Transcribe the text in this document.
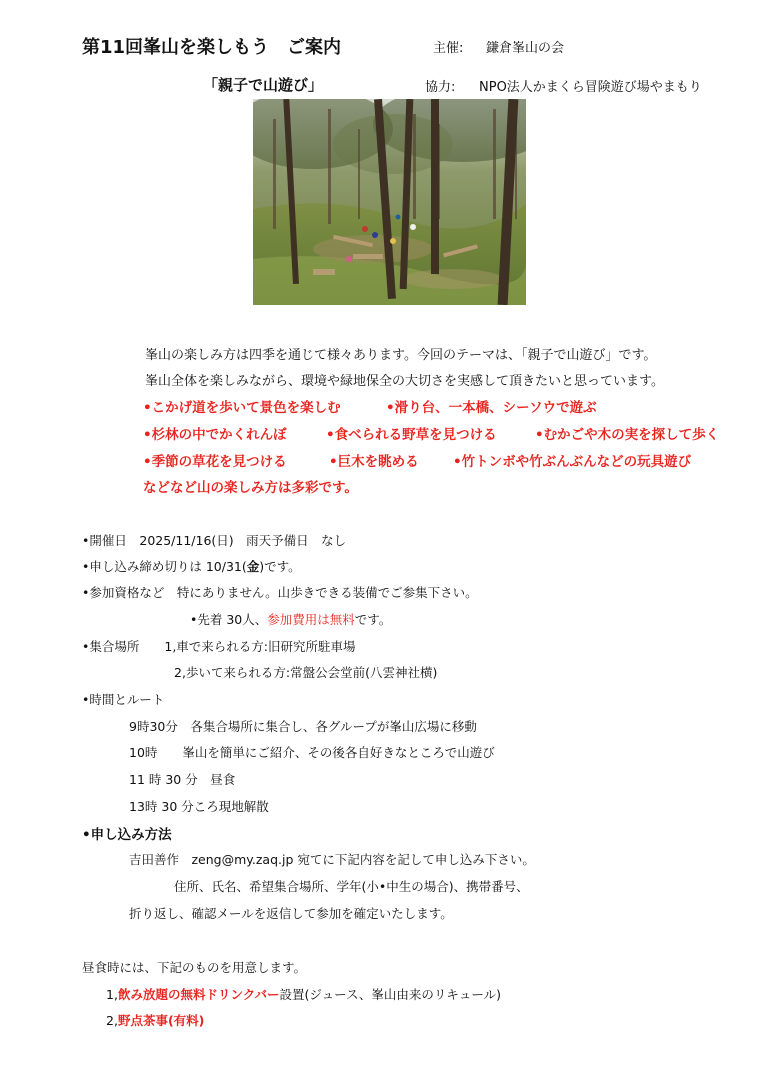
第11回峯山を楽しもう　ご案内	主催: 鎌倉峯山の会
「親子で山遊び」	協力: NPO法人かまくら冒険遊び場やまもり
峯山の楽しみ方は四季を通じて様々あります。今回のテーマは、「親子で山遊び」です。
峯山全体を楽しみながら、環境や緑地保全の大切さを実感して頂きたいと思っています。
•こかげ道を歩いて景色を楽しむ	•滑り台、一本橋、シーソウで遊ぶ
•杉林の中でかくれんぼ	•食べられる野草を見つける	•むかごや木の実を探して歩く
•季節の草花を見つける	•巨木を眺める	•竹トンボや竹ぶんぶんなどの玩具遊び
などなど山の楽しみ方は多彩です。
•開催日　2025/11/16(日)　雨天予備日　なし
•申し込み締め切りは 10/31(金)です。
•参加資格など　特にありません。山歩きできる装備でご参集下さい。
•先着 30人、参加費用は無料です。
•集合場所　　1,車で来られる方:旧研究所駐車場
2,歩いて来られる方:常盤公会堂前(八雲神社横)
•時間とルート
9時30分　各集合場所に集合し、各グループが峯山広場に移動
10時　　峯山を簡単にご紹介、その後各自好きなところで山遊び
11 時 30 分　昼食
13時 30 分ころ現地解散
•申し込み方法
吉田善作　zeng@my.zaq.jp 宛てに下記内容を記して申し込み下さい。
住所、氏名、希望集合場所、学年(小•中生の場合)、携帯番号、
折り返し、確認メールを返信して参加を確定いたします。
昼食時には、下記のものを用意します。
1,飲み放題の無料ドリンクバー設置(ジュース、峯山由来のリキュール)
2,野点茶事(有料)
